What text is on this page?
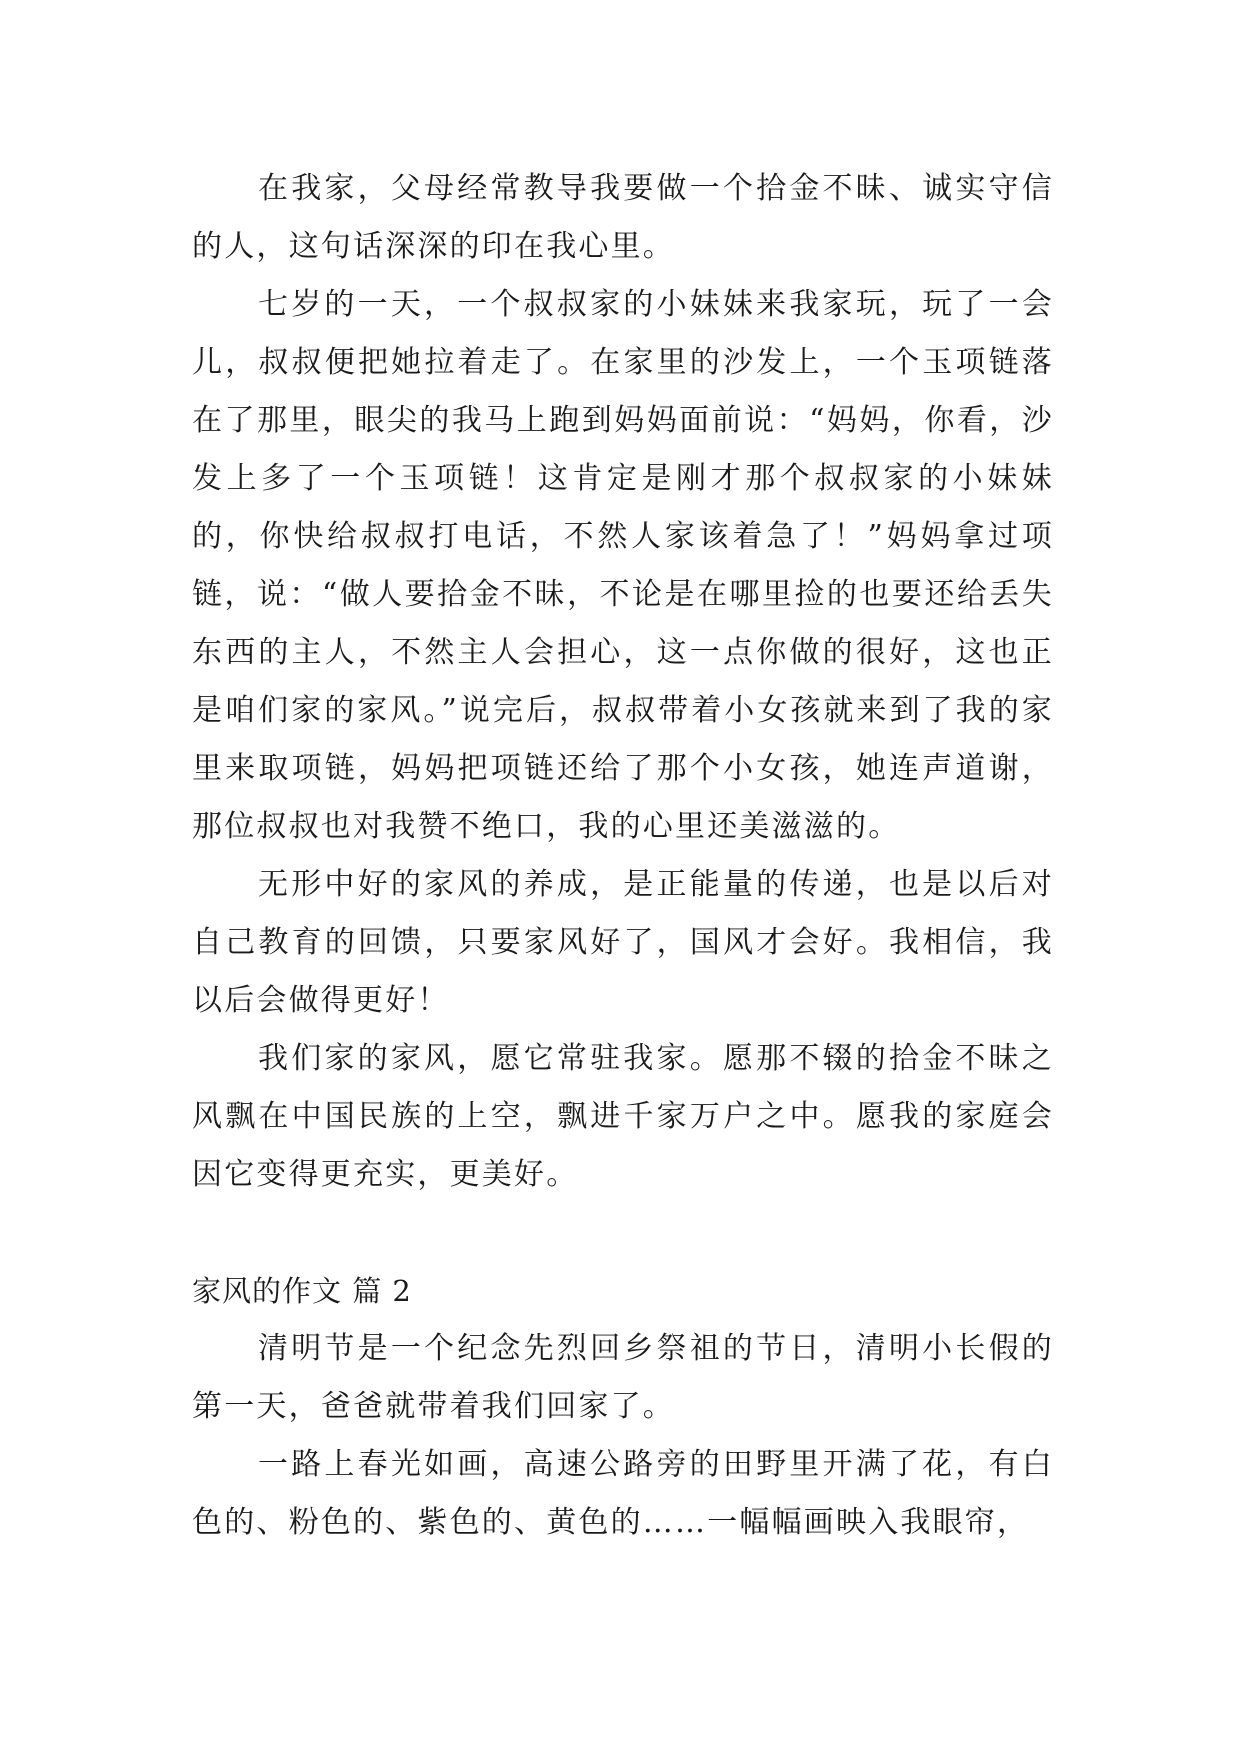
在我家，父母经常教导我要做一个拾金不昧、诚实守信的人，这句话深深的印在我心里。

七岁的一天，一个叔叔家的小妹妹来我家玩，玩了一会儿，叔叔便把她拉着走了。在家里的沙发上，一个玉项链落在了那里，眼尖的我马上跑到妈妈面前说：“妈妈，你看，沙发上多了一个玉项链！这肯定是刚才那个叔叔家的小妹妹的，你快给叔叔打电话，不然人家该着急了！”妈妈拿过项链，说：“做人要拾金不昧，不论是在哪里捡的也要还给丢失东西的主人，不然主人会担心，这一点你做的很好，这也正是咱们家的家风。”说完后，叔叔带着小女孩就来到了我的家里来取项链，妈妈把项链还给了那个小女孩，她连声道谢，那位叔叔也对我赞不绝口，我的心里还美滋滋的。

无形中好的家风的养成，是正能量的传递，也是以后对自己教育的回馈，只要家风好了，国风才会好。我相信，我以后会做得更好！

我们家的家风，愿它常驻我家。愿那不辍的拾金不昧之风飘在中国民族的上空，飘进千家万户之中。愿我的家庭会因它变得更充实，更美好。

家风的作文 篇 2

清明节是一个纪念先烈回乡祭祖的节日，清明小长假的第一天，爸爸就带着我们回家了。

一路上春光如画，高速公路旁的田野里开满了花，有白色的、粉色的、紫色的、黄色的……一幅幅画映入我眼帘，
